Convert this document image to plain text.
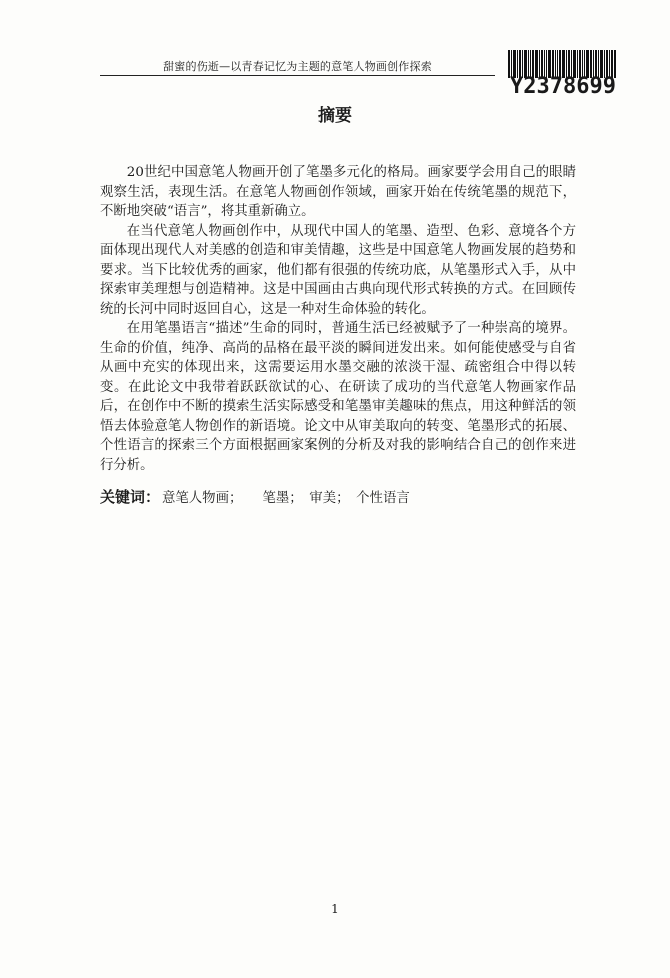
甜蜜的伤逝—以青春记忆为主题的意笔人物画创作探索
Y2378699
摘要

20世纪中国意笔人物画开创了笔墨多元化的格局。画家要学会用自己的眼睛观察生活，表现生活。在意笔人物画创作领域，画家开始在传统笔墨的规范下，不断地突破“语言”，将其重新确立。

在当代意笔人物画创作中，从现代中国人的笔墨、造型、色彩、意境各个方面体现出现代人对美感的创造和审美情趣，这些是中国意笔人物画发展的趋势和要求。当下比较优秀的画家，他们都有很强的传统功底，从笔墨形式入手，从中探索审美理想与创造精神。这是中国画由古典向现代形式转换的方式。在回顾传统的长河中同时返回自心，这是一种对生命体验的转化。

在用笔墨语言“描述”生命的同时，普通生活已经被赋予了一种崇高的境界。生命的价值，纯净、高尚的品格在最平淡的瞬间迸发出来。如何能使感受与自省从画中充实的体现出来，这需要运用水墨交融的浓淡干湿、疏密组合中得以转变。在此论文中我带着跃跃欲试的心、在研读了成功的当代意笔人物画家作品后，在创作中不断的摸索生活实际感受和笔墨审美趣味的焦点，用这种鲜活的领悟去体验意笔人物创作的新语境。论文中从审美取向的转变、笔墨形式的拓展、个性语言的探索三个方面根据画家案例的分析及对我的影响结合自己的创作来进行分析。

关键词： 意笔人物画；　　笔墨；　审美；　个性语言
1
